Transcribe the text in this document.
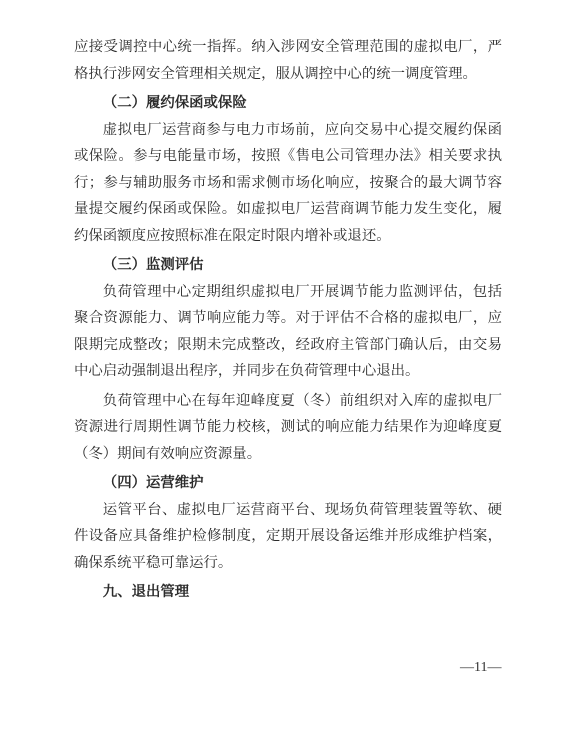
应接受调控中心统一指挥。纳入涉网安全管理范围的虚拟电厂，严格执行涉网安全管理相关规定，服从调控中心的统一调度管理。

（二）履约保函或保险

虚拟电厂运营商参与电力市场前，应向交易中心提交履约保函或保险。参与电能量市场，按照《售电公司管理办法》相关要求执行；参与辅助服务市场和需求侧市场化响应，按聚合的最大调节容量提交履约保函或保险。如虚拟电厂运营商调节能力发生变化，履约保函额度应按照标准在限定时限内增补或退还。

（三）监测评估

负荷管理中心定期组织虚拟电厂开展调节能力监测评估，包括聚合资源能力、调节响应能力等。对于评估不合格的虚拟电厂，应限期完成整改；限期未完成整改，经政府主管部门确认后，由交易中心启动强制退出程序，并同步在负荷管理中心退出。

负荷管理中心在每年迎峰度夏（冬）前组织对入库的虚拟电厂资源进行周期性调节能力校核，测试的响应能力结果作为迎峰度夏（冬）期间有效响应资源量。

（四）运营维护

运管平台、虚拟电厂运营商平台、现场负荷管理装置等软、硬件设备应具备维护检修制度，定期开展设备运维并形成维护档案，确保系统平稳可靠运行。

九、退出管理

—11—
